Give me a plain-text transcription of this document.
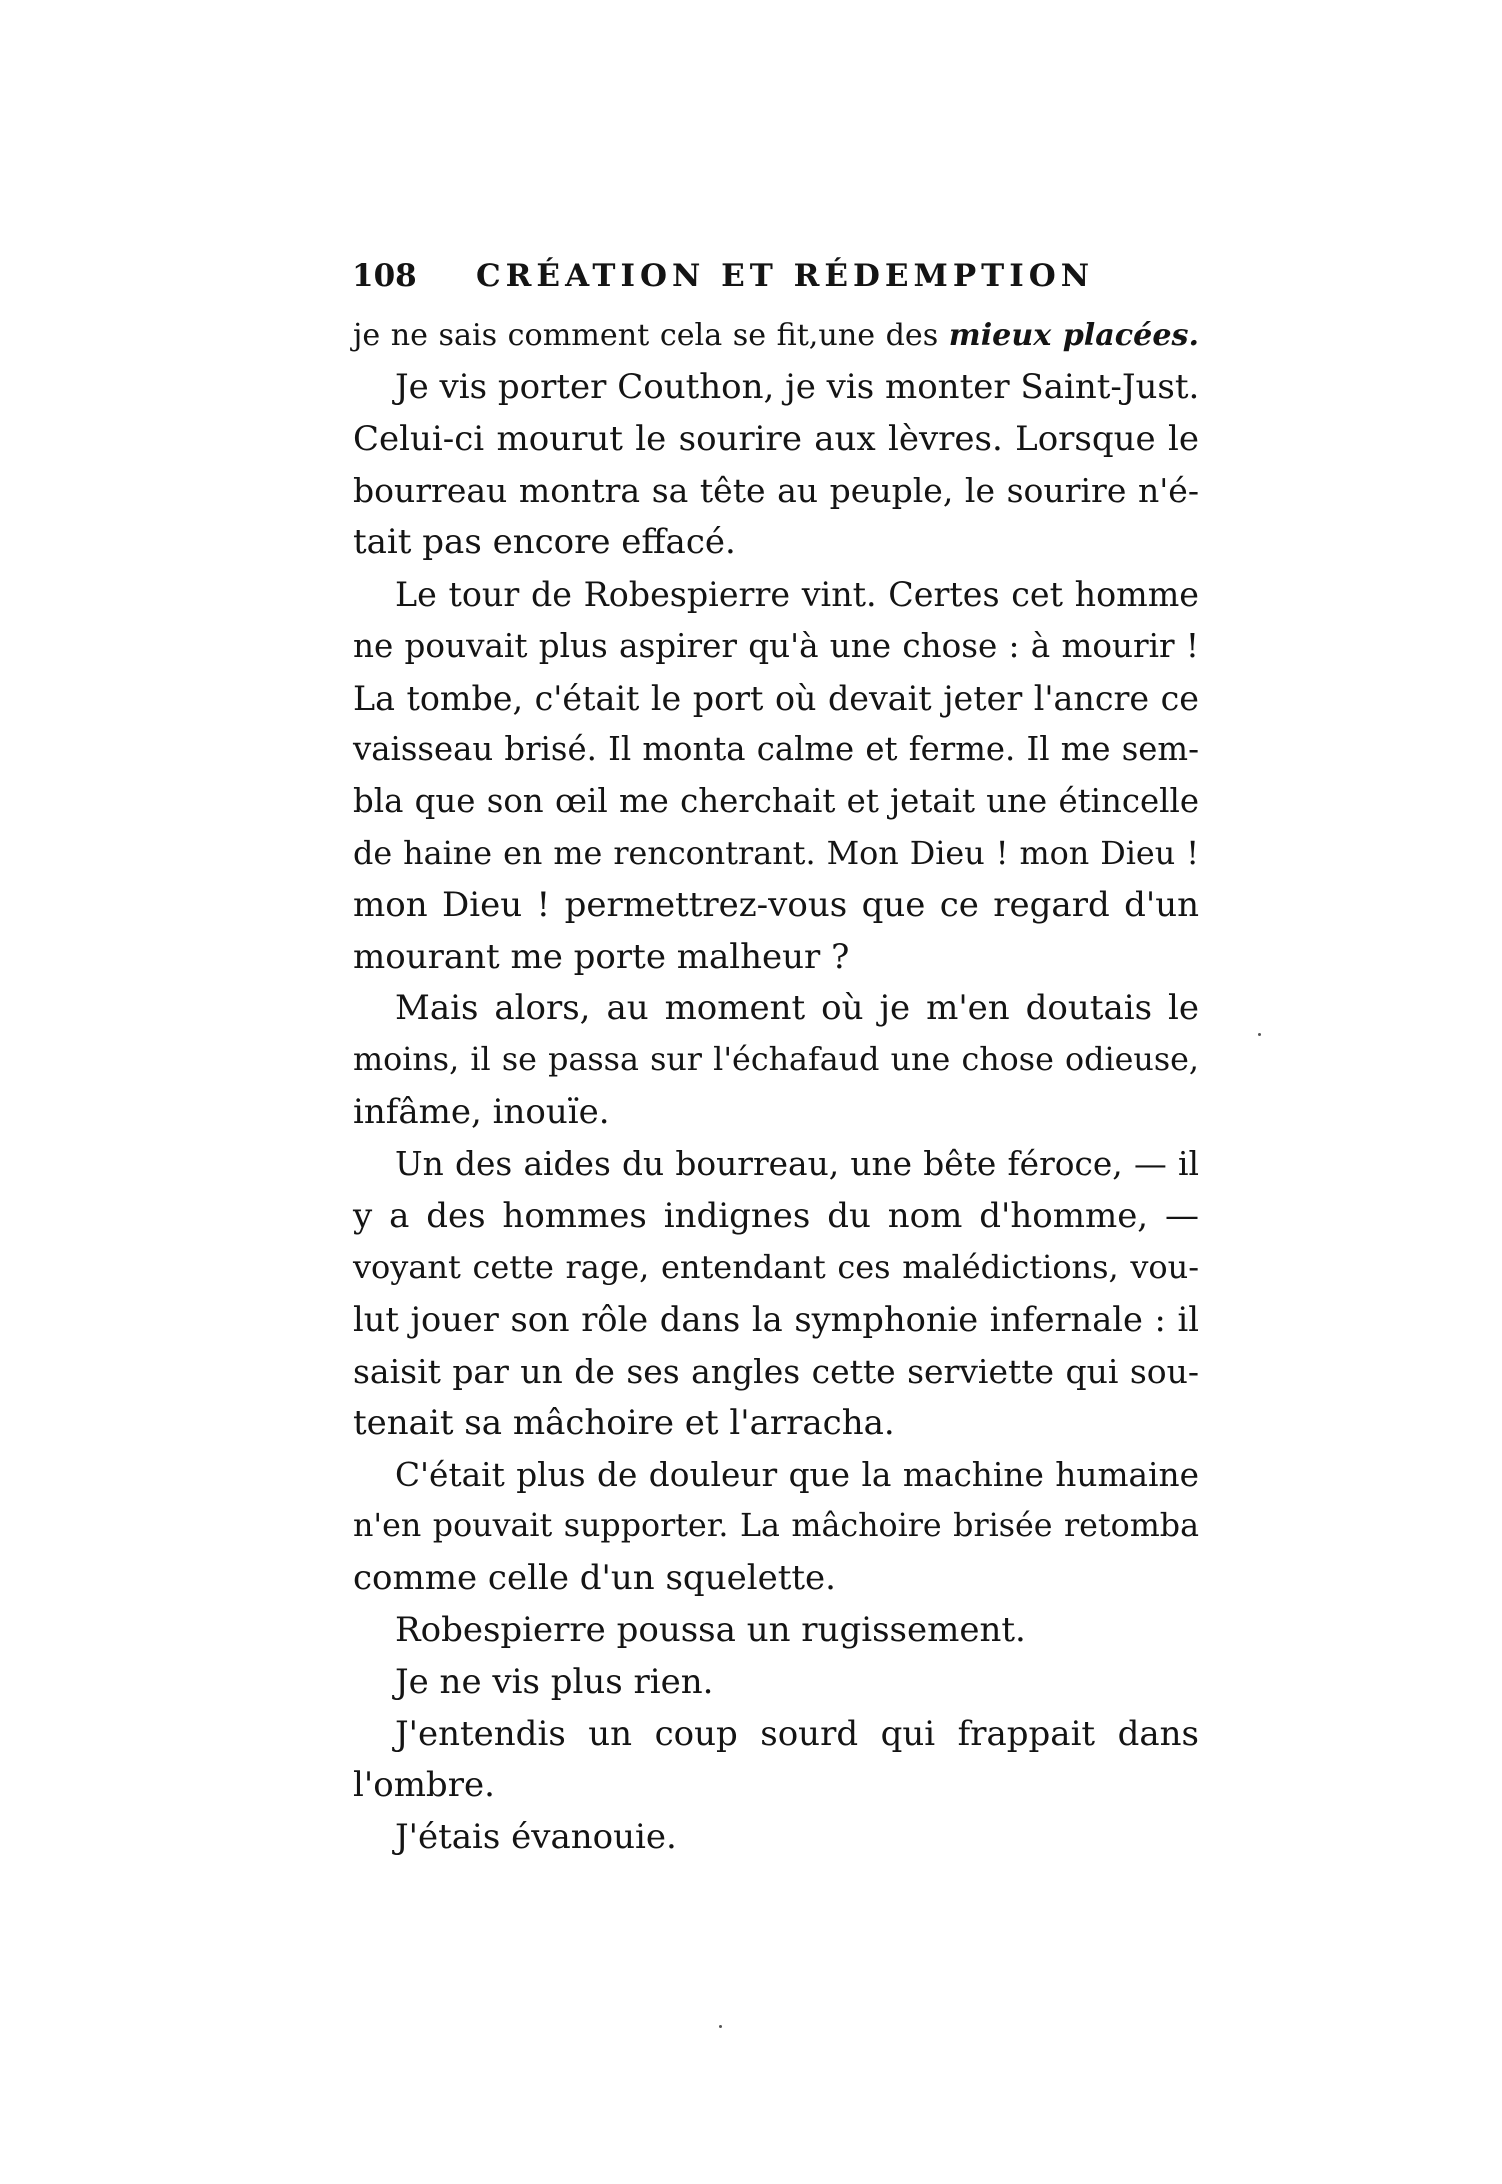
108 CRÉATION ET RÉDEMPTION
je ne sais comment cela se fit,une des mieux placées.
Je vis porter Couthon, je vis monter Saint-Just.
Celui-ci mourut le sourire aux lèvres. Lorsque le
bourreau montra sa tête au peuple, le sourire n'é-
tait pas encore effacé.
Le tour de Robespierre vint. Certes cet homme
ne pouvait plus aspirer qu'à une chose : à mourir !
La tombe, c'était le port où devait jeter l'ancre ce
vaisseau brisé. Il monta calme et ferme. Il me sem-
bla que son œil me cherchait et jetait une étincelle
de haine en me rencontrant. Mon Dieu ! mon Dieu !
mon Dieu ! permettrez-vous que ce regard d'un
mourant me porte malheur ?
Mais alors, au moment où je m'en doutais le
moins, il se passa sur l'échafaud une chose odieuse,
infâme, inouïe.
Un des aides du bourreau, une bête féroce, — il
y a des hommes indignes du nom d'homme, —
voyant cette rage, entendant ces malédictions, vou-
lut jouer son rôle dans la symphonie infernale : il
saisit par un de ses angles cette serviette qui sou-
tenait sa mâchoire et l'arracha.
C'était plus de douleur que la machine humaine
n'en pouvait supporter. La mâchoire brisée retomba
comme celle d'un squelette.
Robespierre poussa un rugissement.
Je ne vis plus rien.
J'entendis un coup sourd qui frappait dans
l'ombre.
J'étais évanouie.
